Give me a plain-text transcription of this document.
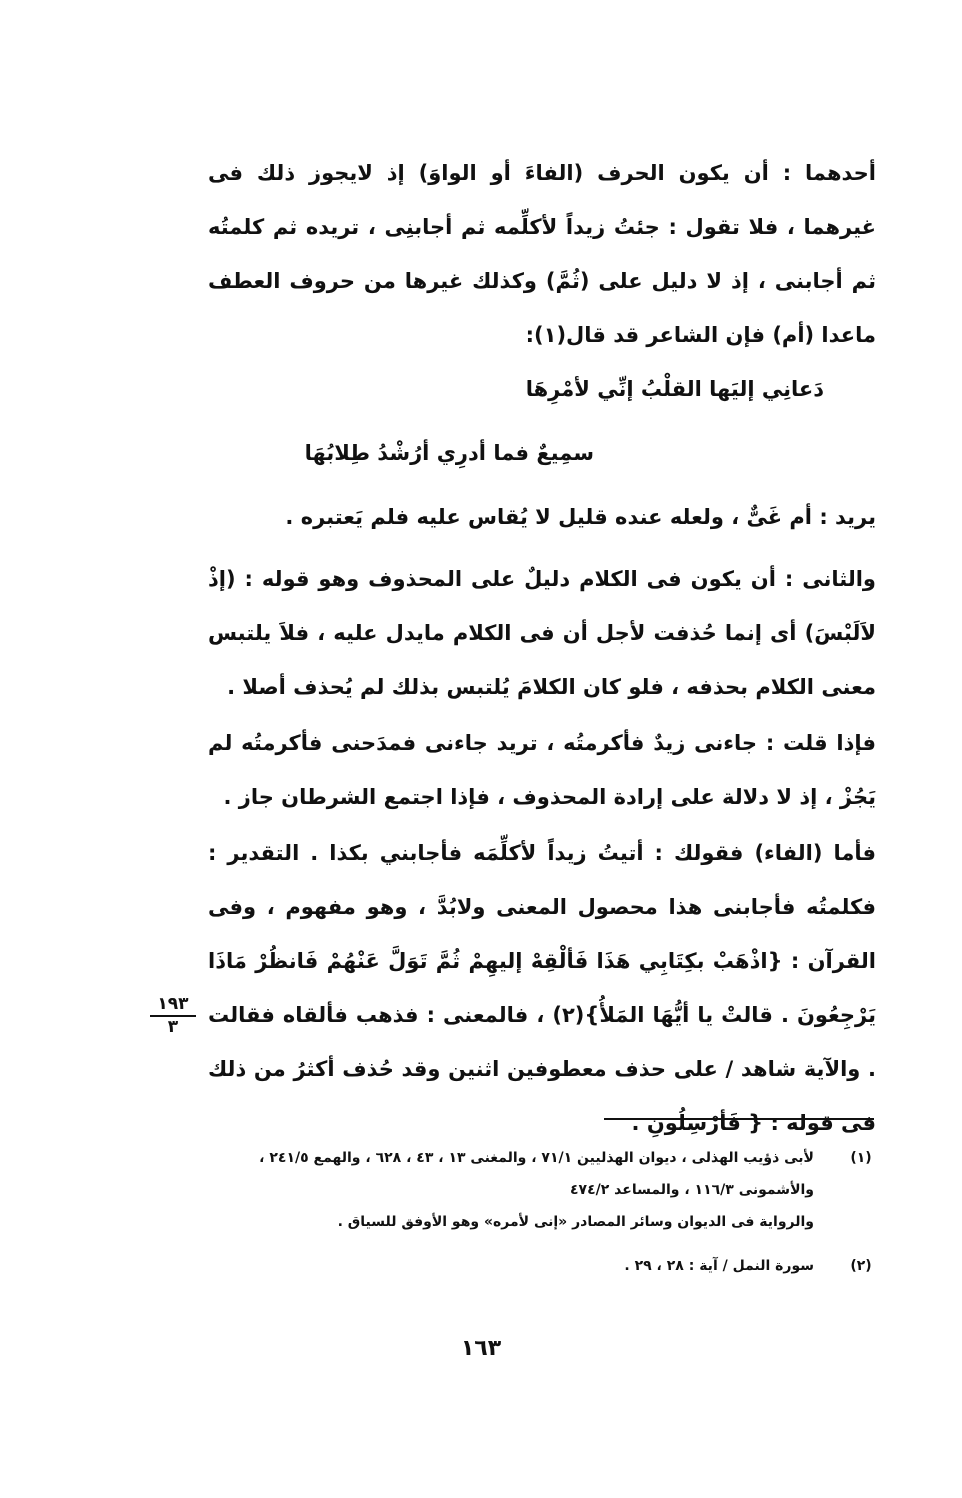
أحدهما : أن يكون الحرف (الفاءَ أو الواوَ) إذ لايجوز ذلك فى غيرهما ، فلا تقول : جئتُ زيداً لأكلِّمه ثم أجابنِى ، تريده ثم كلمتُه ثم أجابنى ، إذ لا دليل على (ثُمَّ) وكذلك غيرها من حروف العطف ماعدا (أم) فإن الشاعر قد قال(١):

دَعانِي إليَها القلْبُ إنِّي لأمْرِهَا

سمِيعٌ فما أدرِي أرُشْدُ طِلابُهَا

يريد : أم غَىٌّ ، ولعله عنده قليل لا يُقاس عليه فلم يَعتبره .

والثانى : أن يكون فى الكلام دليلٌ على المحذوف وهو قوله : (إذْ لاَلَبْسَ) أى إنما حُذفت لأجل أن فى الكلام مايدل عليه ، فلاَ يلتبس معنى الكلام بحذفه ، فلو كان الكلامَ يُلتبس بذلك لم يُحذف أصلا .

فإذا قلت : جاءنى زيدٌ فأكرمتُه ، تريد جاءنى فمدَحنى فأكرمتُه لم يَجُزْ ، إذ لا دلالة على إرادة المحذوف ، فإذا اجتمع الشرطان جاز .

فأما (الفاء) فقولك : أتيتُ زيداً لأكلِّمَه فأجابني بكذا . التقدير : فكلمتُه فأجابنى هذا محصول المعنى ولابُدَّ ، وهو مفهوم ، وفى القرآن : {اذْهَبْ بكِتَابِي هَذَا فَألْقِهْ إليهِمْ ثُمَّ تَوَلَّ عَنْهُمْ فَانظُرْ مَاذَا يَرْجِعُونَ . قالتْ يا أيُّهَا المَلأُ}(٢) ، فالمعنى : فذهب فألقاه فقالت . والآية شاهد / على حذف معطوفين اثنين وقد حُذف أكثرُ من ذلك فى قوله : { فَأرْسِلُونِ .

١٩٣
٣
(١)
لأبى ذؤيب الهذلى ، ديوان الهذليين ٧١/١ ، والمغنى ١٣ ، ٤٣ ، ٦٢٨ ، والهمع ٢٤١/٥ ، والأشمونى ١١٦/٣ ، والمساعد ٤٧٤/٢
والرواية فى الديوان وسائر المصادر «إنى لأمره» وهو الأوفق للسياق .
(٢)
سورة النمل / آية : ٢٨ ، ٢٩ .
١٦٣
